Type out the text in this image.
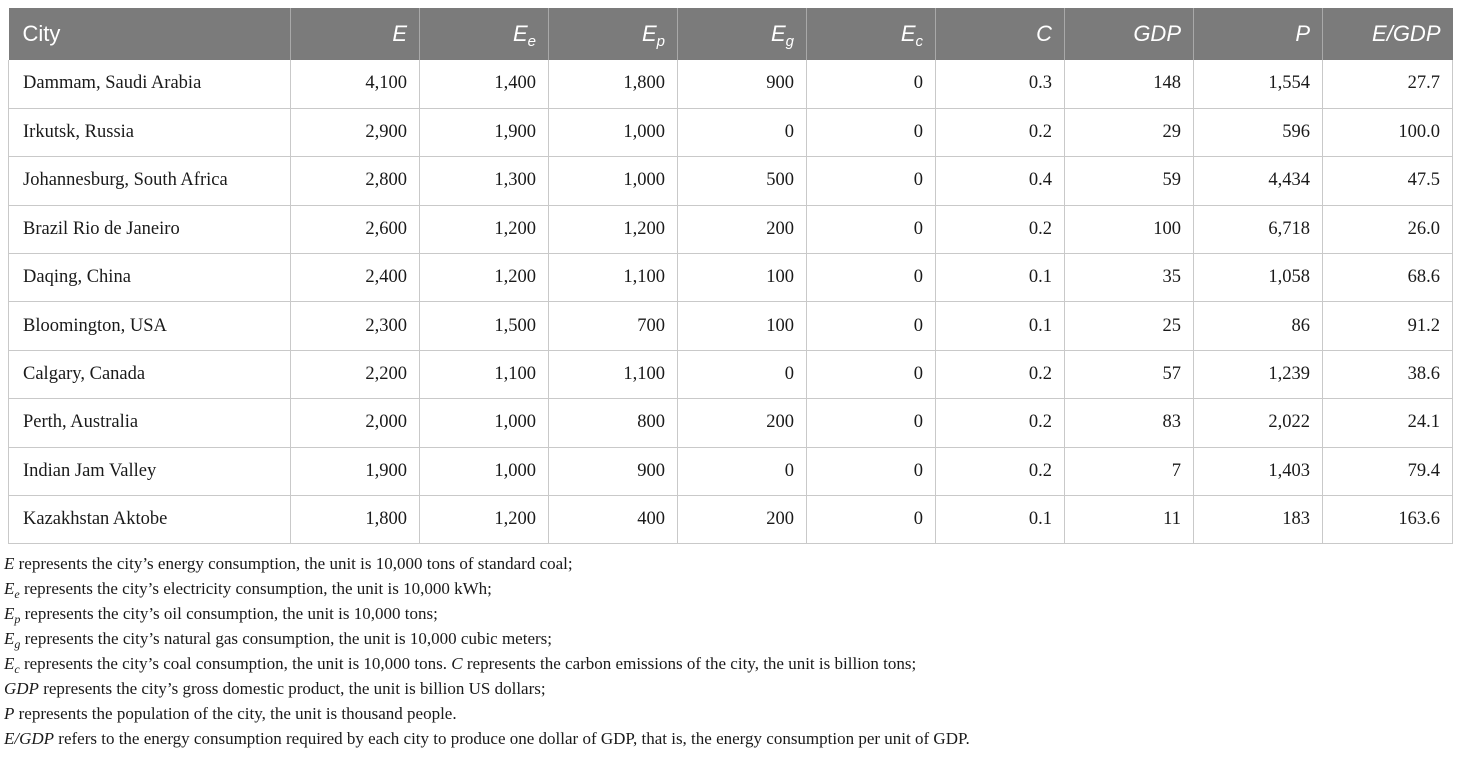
City	E	$E_e$	$E_p$	$E_g$	$E_c$	C	GDP	P	E/GDP
Dammam, Saudi Arabia	4,100	1,400	1,800	900	0	0.3	148	1,554	27.7
Irkutsk, Russia	2,900	1,900	1,000	0	0	0.2	29	596	100.0
Johannesburg, South Africa	2,800	1,300	1,000	500	0	0.4	59	4,434	47.5
Brazil Rio de Janeiro	2,600	1,200	1,200	200	0	0.2	100	6,718	26.0
Daqing, China	2,400	1,200	1,100	100	0	0.1	35	1,058	68.6
Bloomington, USA	2,300	1,500	700	100	0	0.1	25	86	91.2
Calgary, Canada	2,200	1,100	1,100	0	0	0.2	57	1,239	38.6
Perth, Australia	2,000	1,000	800	200	0	0.2	83	2,022	24.1
Indian Jam Valley	1,900	1,000	900	0	0	0.2	7	1,403	79.4
Kazakhstan Aktobe	1,800	1,200	400	200	0	0.1	11	183	163.6
E represents the city’s energy consumption, the unit is 10,000 tons of standard coal;
$E_e$ represents the city’s electricity consumption, the unit is 10,000 kWh;
$E_p$ represents the city’s oil consumption, the unit is 10,000 tons;
$E_g$ represents the city’s natural gas consumption, the unit is 10,000 cubic meters;
$E_c$ represents the city’s coal consumption, the unit is 10,000 tons. C represents the carbon emissions of the city, the unit is billion tons;
GDP represents the city’s gross domestic product, the unit is billion US dollars;
P represents the population of the city, the unit is thousand people.
E/GDP refers to the energy consumption required by each city to produce one dollar of GDP, that is, the energy consumption per unit of GDP.
